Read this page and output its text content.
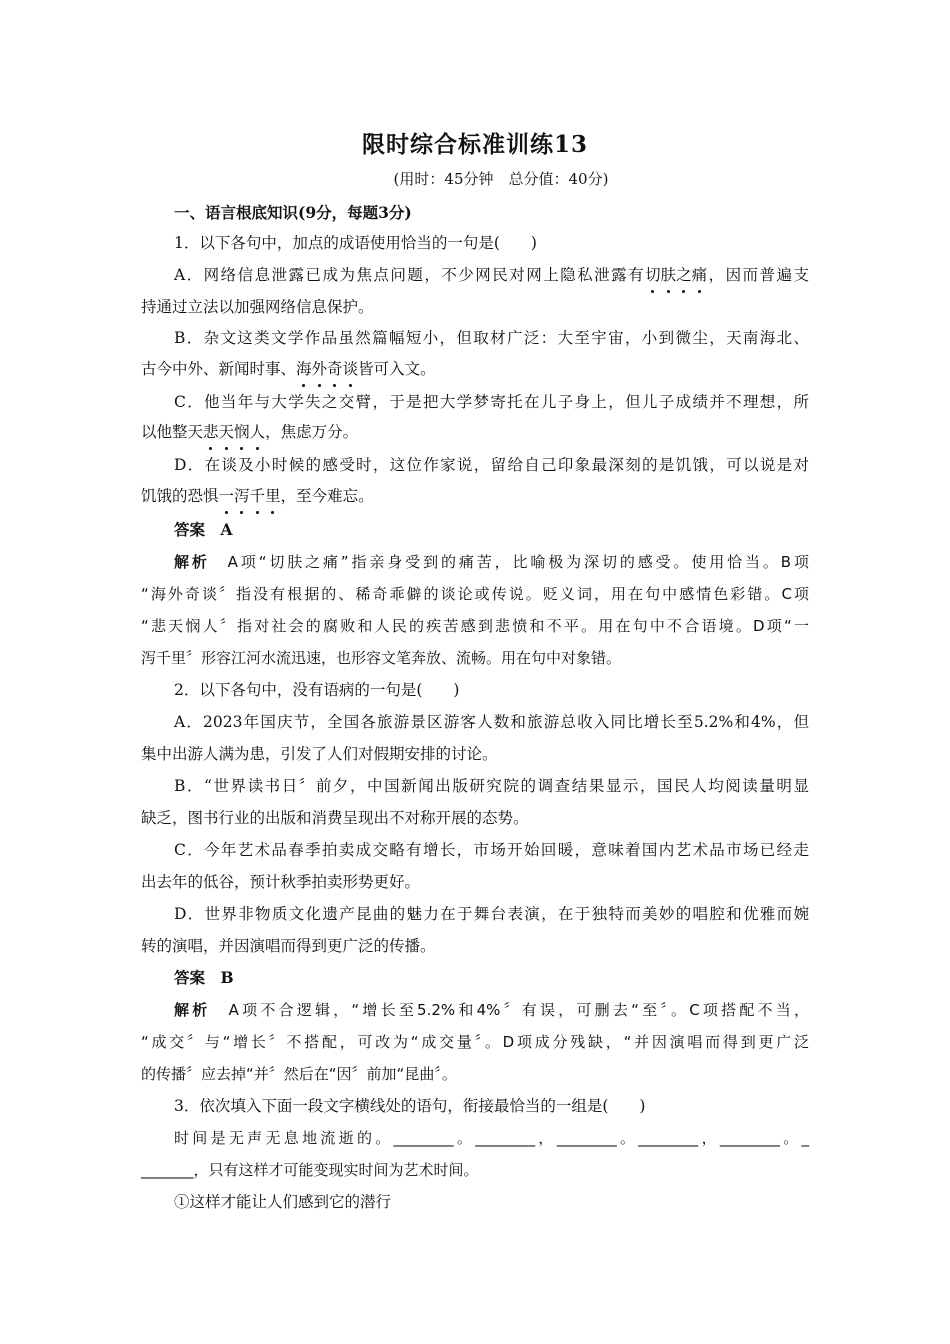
限时综合标准训练13
(用时：45分钟　总分值：40分)
一、语言根底知识(9分，每题3分)
1．以下各句中，加点的成语使用恰当的一句是(　　)
A．网络信息泄露已成为焦点问题，不少网民对网上隐私泄露有切肤之痛，因而普遍支
持通过立法以加强网络信息保护。
B．杂文这类文学作品虽然篇幅短小，但取材广泛：大至宇宙，小到微尘，天南海北、
古今中外、新闻时事、海外奇谈皆可入文。
C．他当年与大学失之交臂，于是把大学梦寄托在儿子身上，但儿子成绩并不理想，所
以他整天悲天悯人，焦虑万分。
D．在谈及小时候的感受时，这位作家说，留给自己印象最深刻的是饥饿，可以说是对
饥饿的恐惧一泻千里，至今难忘。
答案　A
解析　 A项“切肤之痛”指亲身受到的痛苦，比喻极为深切的感受。使用恰当。B项
“海外奇谈〞指没有根据的、稀奇乖僻的谈论或传说。贬义词，用在句中感情色彩错。C项
“悲天悯人〞指对社会的腐败和人民的疾苦感到悲愤和不平。用在句中不合语境。D项“一
泻千里〞形容江河水流迅速，也形容文笔奔放、流畅。用在句中对象错。
2．以下各句中，没有语病的一句是(　　)
A．2023年国庆节，全国各旅游景区游客人数和旅游总收入同比增长至5.2%和4%，但
集中出游人满为患，引发了人们对假期安排的讨论。
B．“世界读书日〞前夕，中国新闻出版研究院的调查结果显示，国民人均阅读量明显
缺乏，图书行业的出版和消费呈现出不对称开展的态势。
C．今年艺术品春季拍卖成交略有增长，市场开始回暖，意味着国内艺术品市场已经走
出去年的低谷，预计秋季拍卖形势更好。
D．世界非物质文化遗产昆曲的魅力在于舞台表演，在于独特而美妙的唱腔和优雅而婉
转的演唱，并因演唱而得到更广泛的传播。
答案　B
解析　 A项不合逻辑，“增长至5.2%和4%〞有误，可删去“至〞。C项搭配不当，
“成交〞与“增长〞不搭配，可改为“成交量〞。D项成分残缺，“并因演唱而得到更广泛
的传播〞应去掉“并〞然后在“因〞前加“昆曲〞。
3．依次填入下面一段文字横线处的语句，衔接最恰当的一组是(　　)
时间是无声无息地流逝的。________。________，________。________，________。_
_______，只有这样才可能变现实时间为艺术时间。
①这样才能让人们感到它的潜行
